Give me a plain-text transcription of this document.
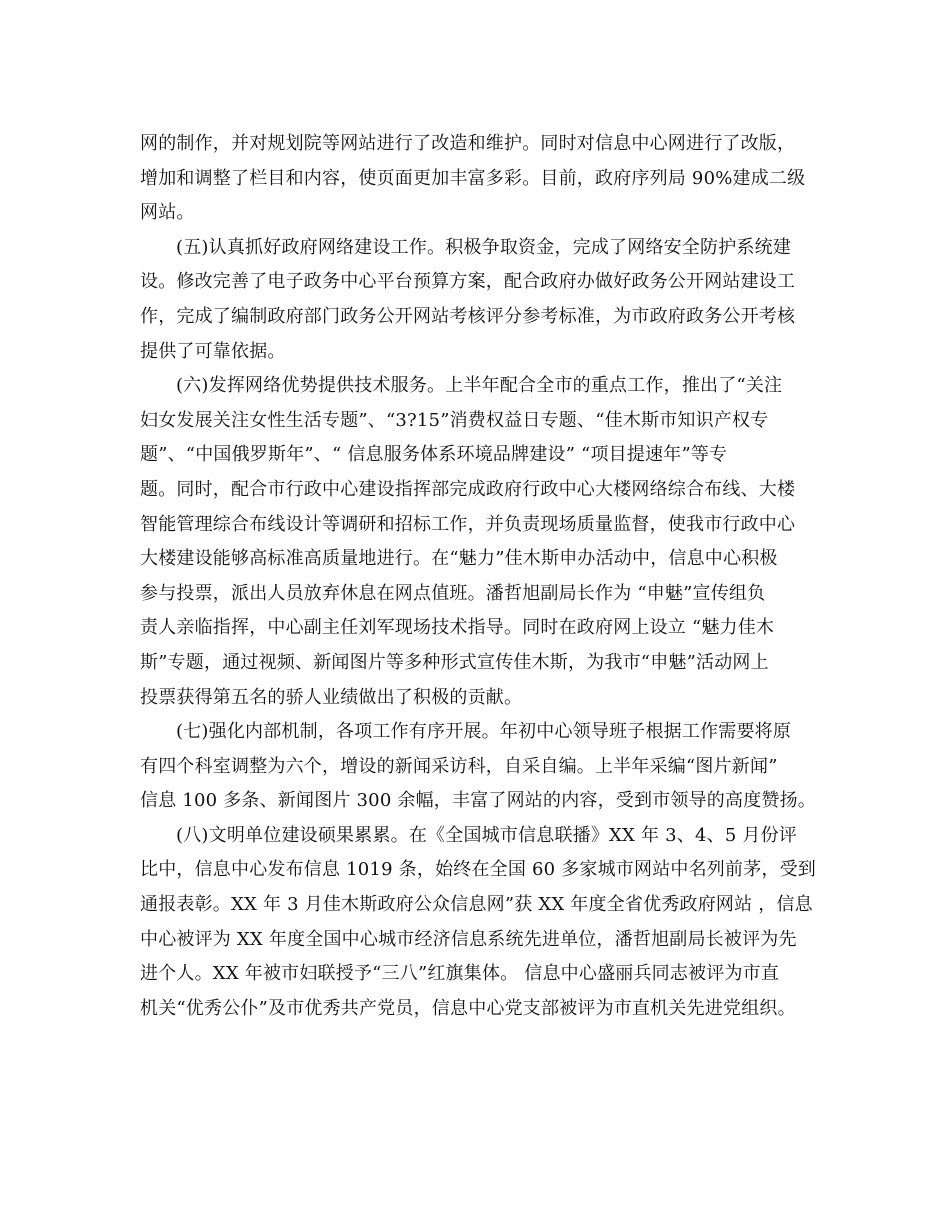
网的制作，并对规划院等网站进行了改造和维护。同时对信息中心网进行了改版，
增加和调整了栏目和内容，使页面更加丰富多彩。目前，政府序列局 90%建成二级
网站。
(五)认真抓好政府网络建设工作。积极争取资金，完成了网络安全防护系统建
设。修改完善了电子政务中心平台预算方案，配合政府办做好政务公开网站建设工
作，完成了编制政府部门政务公开网站考核评分参考标准，为市政府政务公开考核
提供了可靠依据。
(六)发挥网络优势提供技术服务。上半年配合全市的重点工作，推出了“关注
妇女发展关注女性生活专题”、“3?15”消费权益日专题、“佳木斯市知识产权专
题”、“中国俄罗斯年”、“ 信息服务体系环境品牌建设” “项目提速年”等专
题。同时，配合市行政中心建设指挥部完成政府行政中心大楼网络综合布线、大楼
智能管理综合布线设计等调研和招标工作，并负责现场质量监督，使我市行政中心
大楼建设能够高标准高质量地进行。在“魅力”佳木斯申办活动中，信息中心积极
参与投票，派出人员放弃休息在网点值班。潘哲旭副局长作为 “申魅”宣传组负
责人亲临指挥，中心副主任刘军现场技术指导。同时在政府网上设立 “魅力佳木
斯”专题，通过视频、新闻图片等多种形式宣传佳木斯，为我市“申魅”活动网上
投票获得第五名的骄人业绩做出了积极的贡献。
(七)强化内部机制，各项工作有序开展。年初中心领导班子根据工作需要将原
有四个科室调整为六个，增设的新闻采访科，自采自编。上半年采编“图片新闻”
信息 100 多条、新闻图片 300 余幅，丰富了网站的内容，受到市领导的高度赞扬。
(八)文明单位建设硕果累累。在《全国城市信息联播》XX 年 3、4、5 月份评
比中，信息中心发布信息 1019 条，始终在全国 60 多家城市网站中名列前茅，受到
通报表彰。XX 年 3 月佳木斯政府公众信息网”获 XX 年度全省优秀政府网站 ，信息
中心被评为 XX 年度全国中心城市经济信息系统先进单位，潘哲旭副局长被评为先
进个人。XX 年被市妇联授予“三八”红旗集体。 信息中心盛丽兵同志被评为市直
机关“优秀公仆”及市优秀共产党员，信息中心党支部被评为市直机关先进党组织。
